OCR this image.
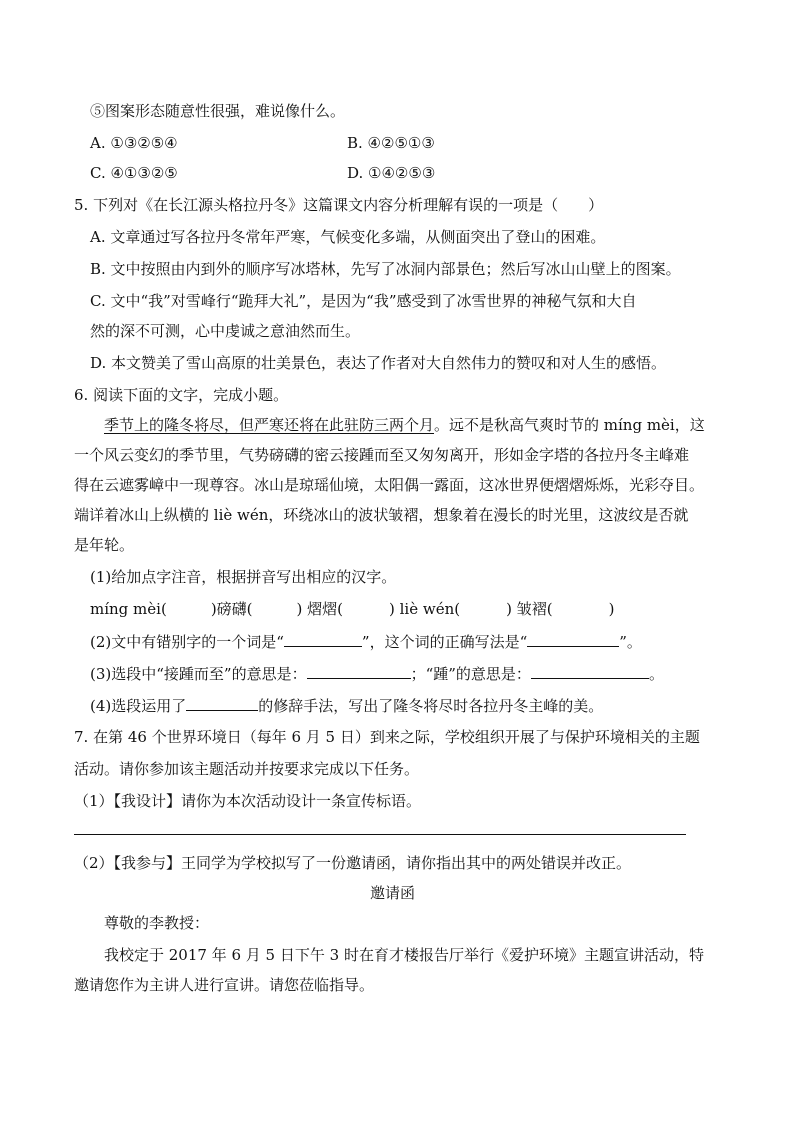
⑤图案形态随意性很强，难说像什么。
A. ①③②⑤④	B. ④②⑤①③
C. ④①③②⑤	D. ①④②⑤③
5. 下列对《在长江源头格拉丹冬》这篇课文内容分析理解有误的一项是（　　）
A. 文章通过写各拉丹冬常年严寒，气候变化多端，从侧面突出了登山的困难。
B. 文中按照由内到外的顺序写冰塔林，先写了冰洞内部景色；然后写冰山山壁上的图案。
C. 文中“我”对雪峰行“跪拜大礼”，是因为“我”感受到了冰雪世界的神秘气氛和大自
然的深不可测，心中虔诚之意油然而生。
D. 本文赞美了雪山高原的壮美景色，表达了作者对大自然伟力的赞叹和对人生的感悟。
6. 阅读下面的文字，完成小题。
季节上的隆冬将尽，但严寒还将在此驻防三两个月。远不是秋高气爽时节的 míng mèi，这
一个风云变幻的季节里，气势磅礴的密云接踵而至又匆匆离开，形如金字塔的各拉丹冬主峰难
得在云遮雾嶂中一现尊容。冰山是琼瑶仙境，太阳偶一露面，这冰世界便熠熠烁烁，光彩夺目。
端详着冰山上纵横的 liè wén，环绕冰山的波状皱褶，想象着在漫长的时光里，这波纹是否就
是年轮。
(1)给加点字注音，根据拼音写出相应的汉字。
míng mèi(	)磅礴(	) 熠熠(	) liè wén(	) 皱褶(	)
(2)文中有错别字的一个词是“	”，这个词的正确写法是“	”。
(3)选段中“接踵而至”的意思是：	；“踵”的意思是：	。
(4)选段运用了	的修辞手法，写出了隆冬将尽时各拉丹冬主峰的美。
7. 在第 46 个世界环境日（每年 6 月 5 日）到来之际，学校组织开展了与保护环境相关的主题
活动。请你参加该主题活动并按要求完成以下任务。
（1）【我设计】请你为本次活动设计一条宣传标语。
（2）【我参与】王同学为学校拟写了一份邀请函，请你指出其中的两处错误并改正。
邀请函
尊敬的李教授：
我校定于 2017 年 6 月 5 日下午 3 时在育才楼报告厅举行《爱护环境》主题宣讲活动，特
邀请您作为主讲人进行宣讲。请您莅临指导。
